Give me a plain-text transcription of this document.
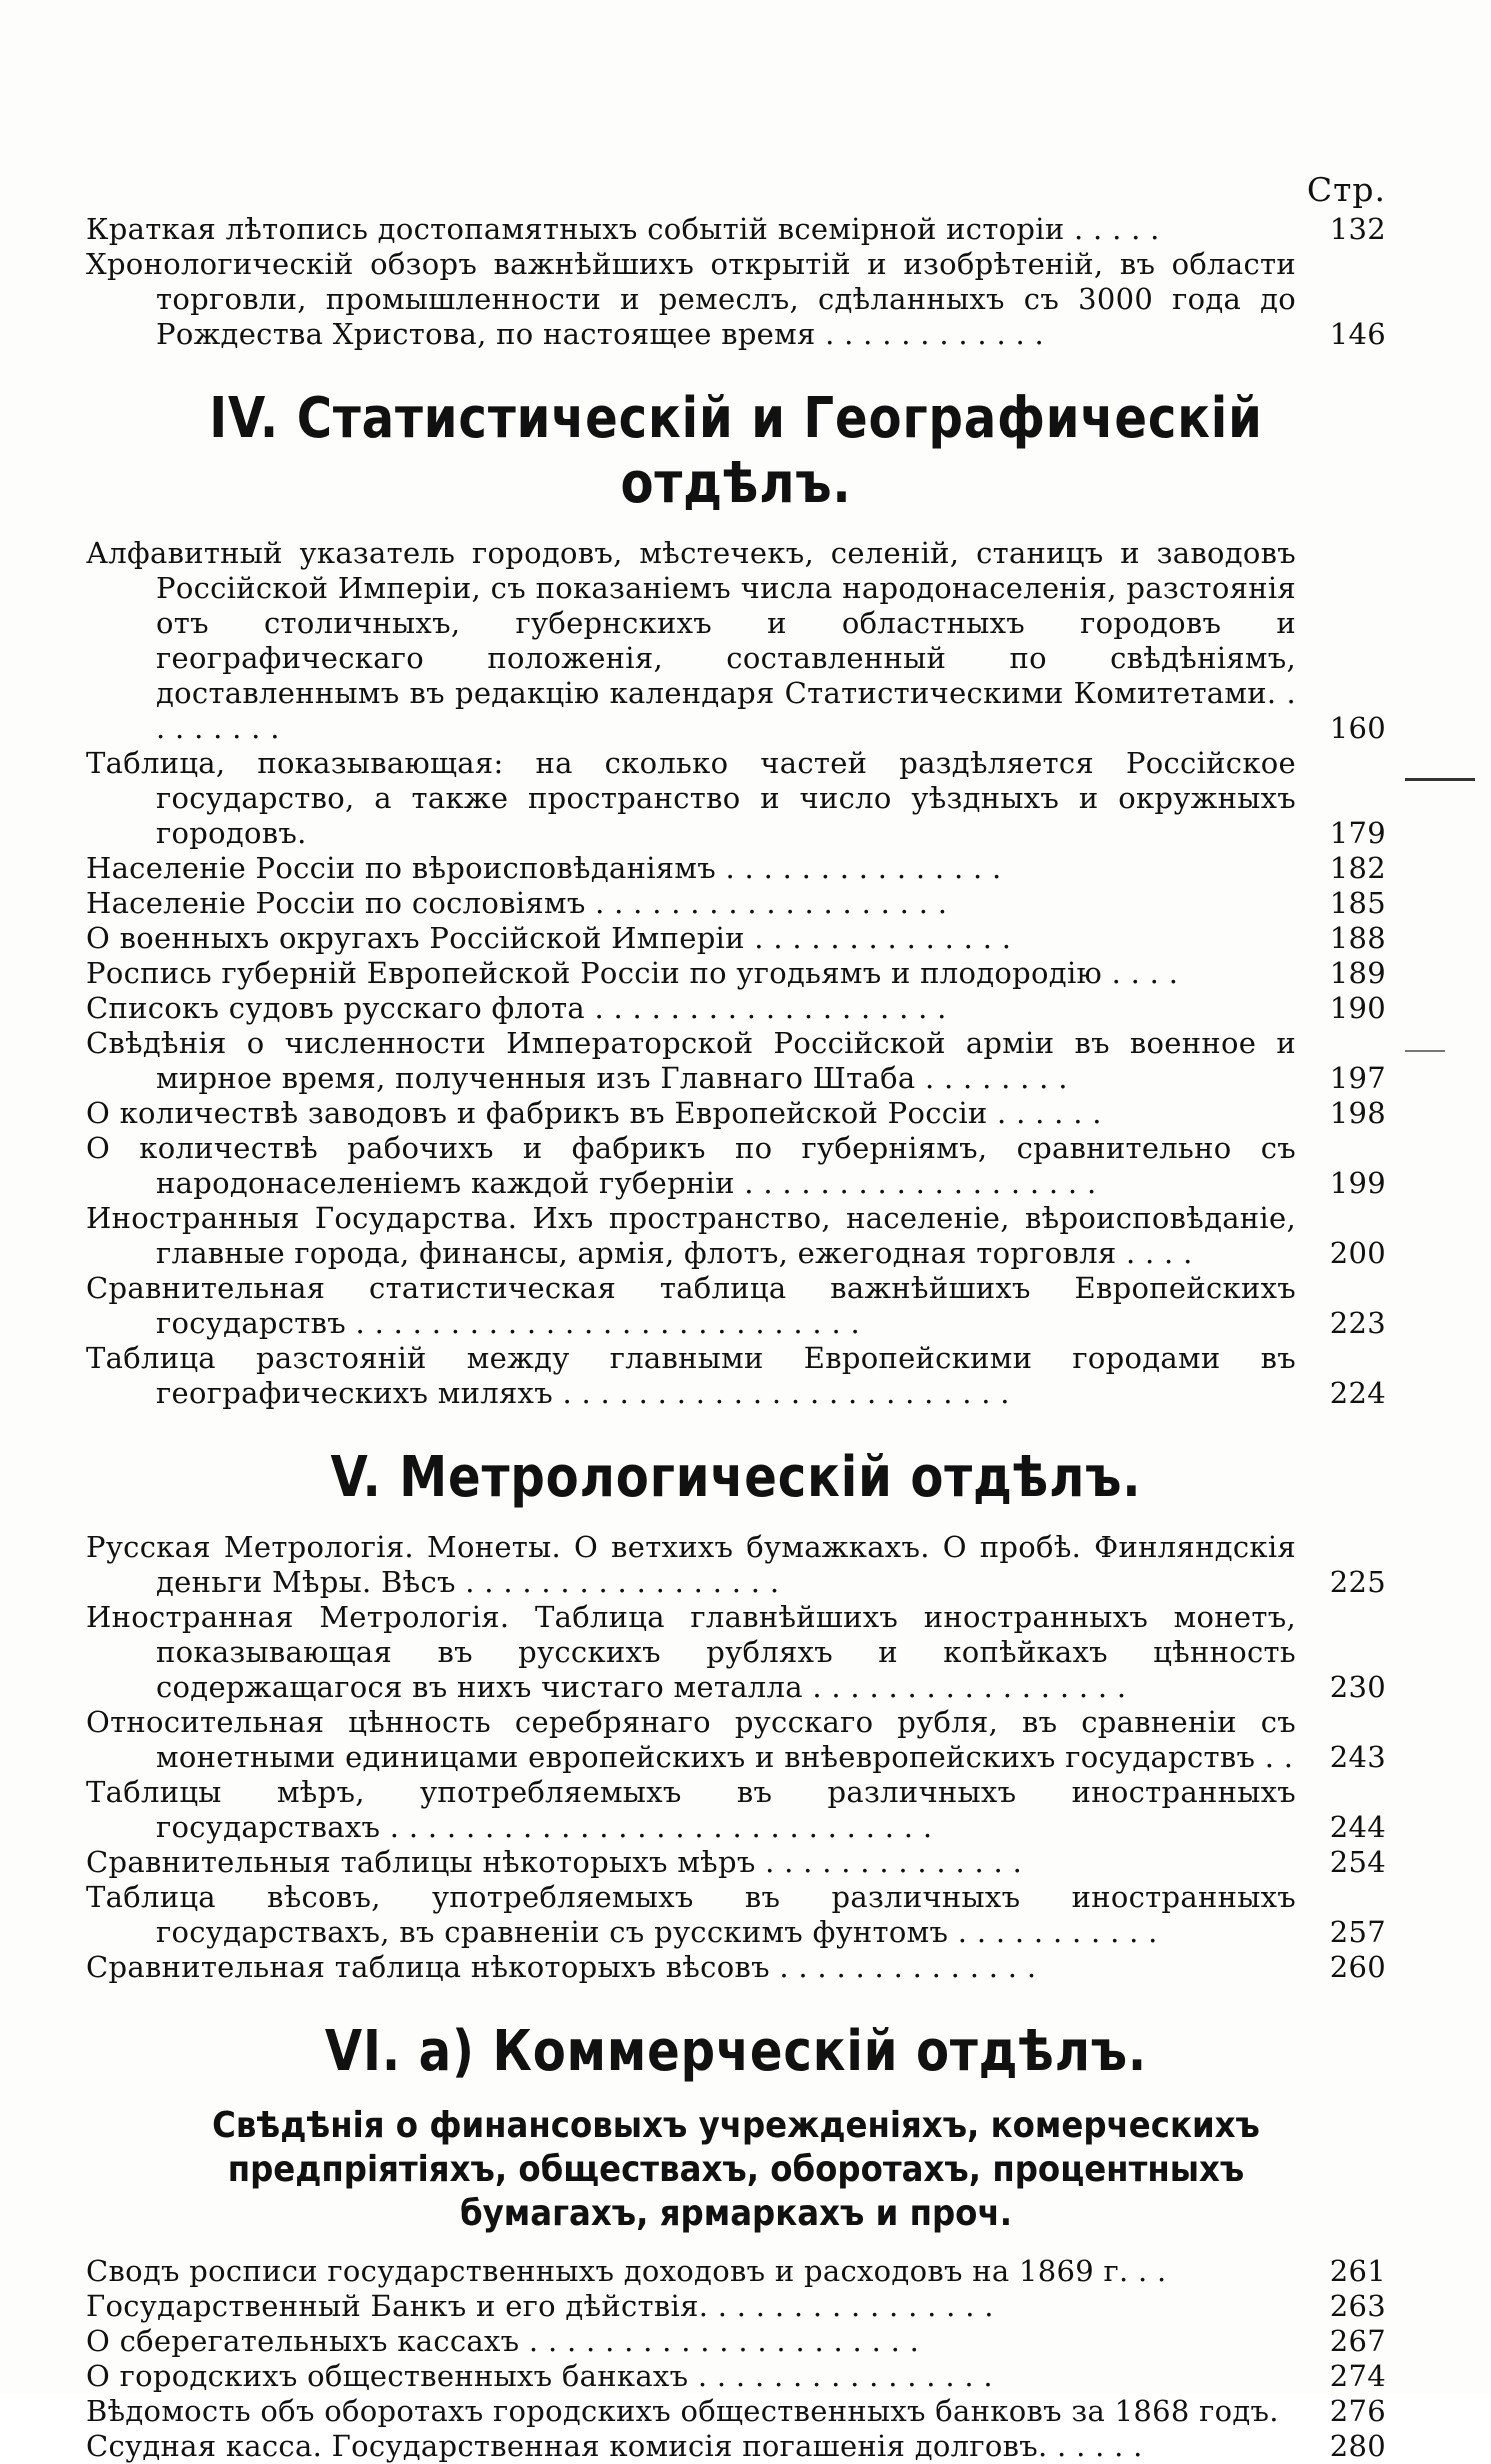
Стр.
Краткая лѣтопись достопамятныхъ событій всемірной исторіи . . . . .	132
Хронологическій обзоръ важнѣйшихъ открытій и изобрѣтеній, въ области торговли, промышленности и ремеслъ, сдѣланныхъ съ 3000 года до Рождества Христова, по настоящее время . . . . . . . . . . . .	146
IV. Статистическій и Географическій отдѣлъ.
Алфавитный указатель городовъ, мѣстечекъ, селеній, станицъ и заводовъ Россійской Имперіи, съ показаніемъ числа народонаселенія, разстоянія отъ столичныхъ, губернскихъ и областныхъ городовъ и географическаго положенія, составленный по свѣдѣніямъ, доставленнымъ въ редакцію календаря Статистическими Комитетами. . . . . . . . .	160
Таблица, показывающая: на сколько частей раздѣляется Россійское государство, а также пространство и число уѣздныхъ и окружныхъ городовъ.	179
Населеніе Россіи по вѣроисповѣданіямъ . . . . . . . . . . . . . . .	182
Населеніе Россіи по сословіямъ . . . . . . . . . . . . . . . . . . .	185
О военныхъ округахъ Россійской Имперіи . . . . . . . . . . . . . .	188
Роспись губерній Европейской Россіи по угодьямъ и плодородію . . . .	189
Списокъ судовъ русскаго флота . . . . . . . . . . . . . . . . . . .	190
Свѣдѣнія о численности Императорской Россійской арміи въ военное и мирное время, полученныя изъ Главнаго Штаба . . . . . . . .	197
О количествѣ заводовъ и фабрикъ въ Европейской Россіи . . . . . .	198
О количествѣ рабочихъ и фабрикъ по губерніямъ, сравнительно съ народонаселеніемъ каждой губерніи . . . . . . . . . . . . . . . . . . .	199
Иностранныя Государства. Ихъ пространство, населеніе, вѣроисповѣданіе, главные города, финансы, армія, флотъ, ежегодная торговля . . . .	200
Сравнительная статистическая таблица важнѣйшихъ Европейскихъ государствъ . . . . . . . . . . . . . . . . . . . . . . . . . . .	223
Таблица разстояній между главными Европейскими городами въ географическихъ миляхъ . . . . . . . . . . . . . . . . . . . . . . . .	224
V. Метрологическій отдѣлъ.
Русская Метрологія. Монеты. О ветхихъ бумажкахъ. О пробѣ. Финляндскія деньги Мѣры. Вѣсъ . . . . . . . . . . . . . . . . .	225
Иностранная Метрологія. Таблица главнѣйшихъ иностранныхъ монетъ, показывающая въ русскихъ рубляхъ и копѣйкахъ цѣнность содержащагося въ нихъ чистаго металла . . . . . . . . . . . . . . . . .	230
Относительная цѣнность серебрянаго русскаго рубля, въ сравненіи съ монетными единицами европейскихъ и внѣевропейскихъ государствъ . .	243
Таблицы мѣръ, употребляемыхъ въ различныхъ иностранныхъ государствахъ . . . . . . . . . . . . . . . . . . . . . . . . . . . . .	244
Сравнительныя таблицы нѣкоторыхъ мѣръ . . . . . . . . . . . . . .	254
Таблица вѣсовъ, употребляемыхъ въ различныхъ иностранныхъ государствахъ, въ сравненіи съ русскимъ фунтомъ . . . . . . . . . . .	257
Сравнительная таблица нѣкоторыхъ вѣсовъ . . . . . . . . . . . . . .	260
VI. а) Коммерческій отдѣлъ.
Свѣдѣнія о финансовыхъ учрежденіяхъ, комерческихъ предпріятіяхъ, обществахъ, оборотахъ, процентныхъ бумагахъ, ярмаркахъ и проч.
Сводъ росписи государственныхъ доходовъ и расходовъ на 1869 г. . .	261
Государственный Банкъ и его дѣйствія. . . . . . . . . . . . . . . .	263
О сберегательныхъ кассахъ . . . . . . . . . . . . . . . . . . . . .	267
О городскихъ общественныхъ банкахъ . . . . . . . . . . . . . . . .	274
Вѣдомость объ оборотахъ городскихъ общественныхъ банковъ за 1868 годъ.	276
Ссудная касса. Государственная комисія погашенія долговъ. . . . . .	280
